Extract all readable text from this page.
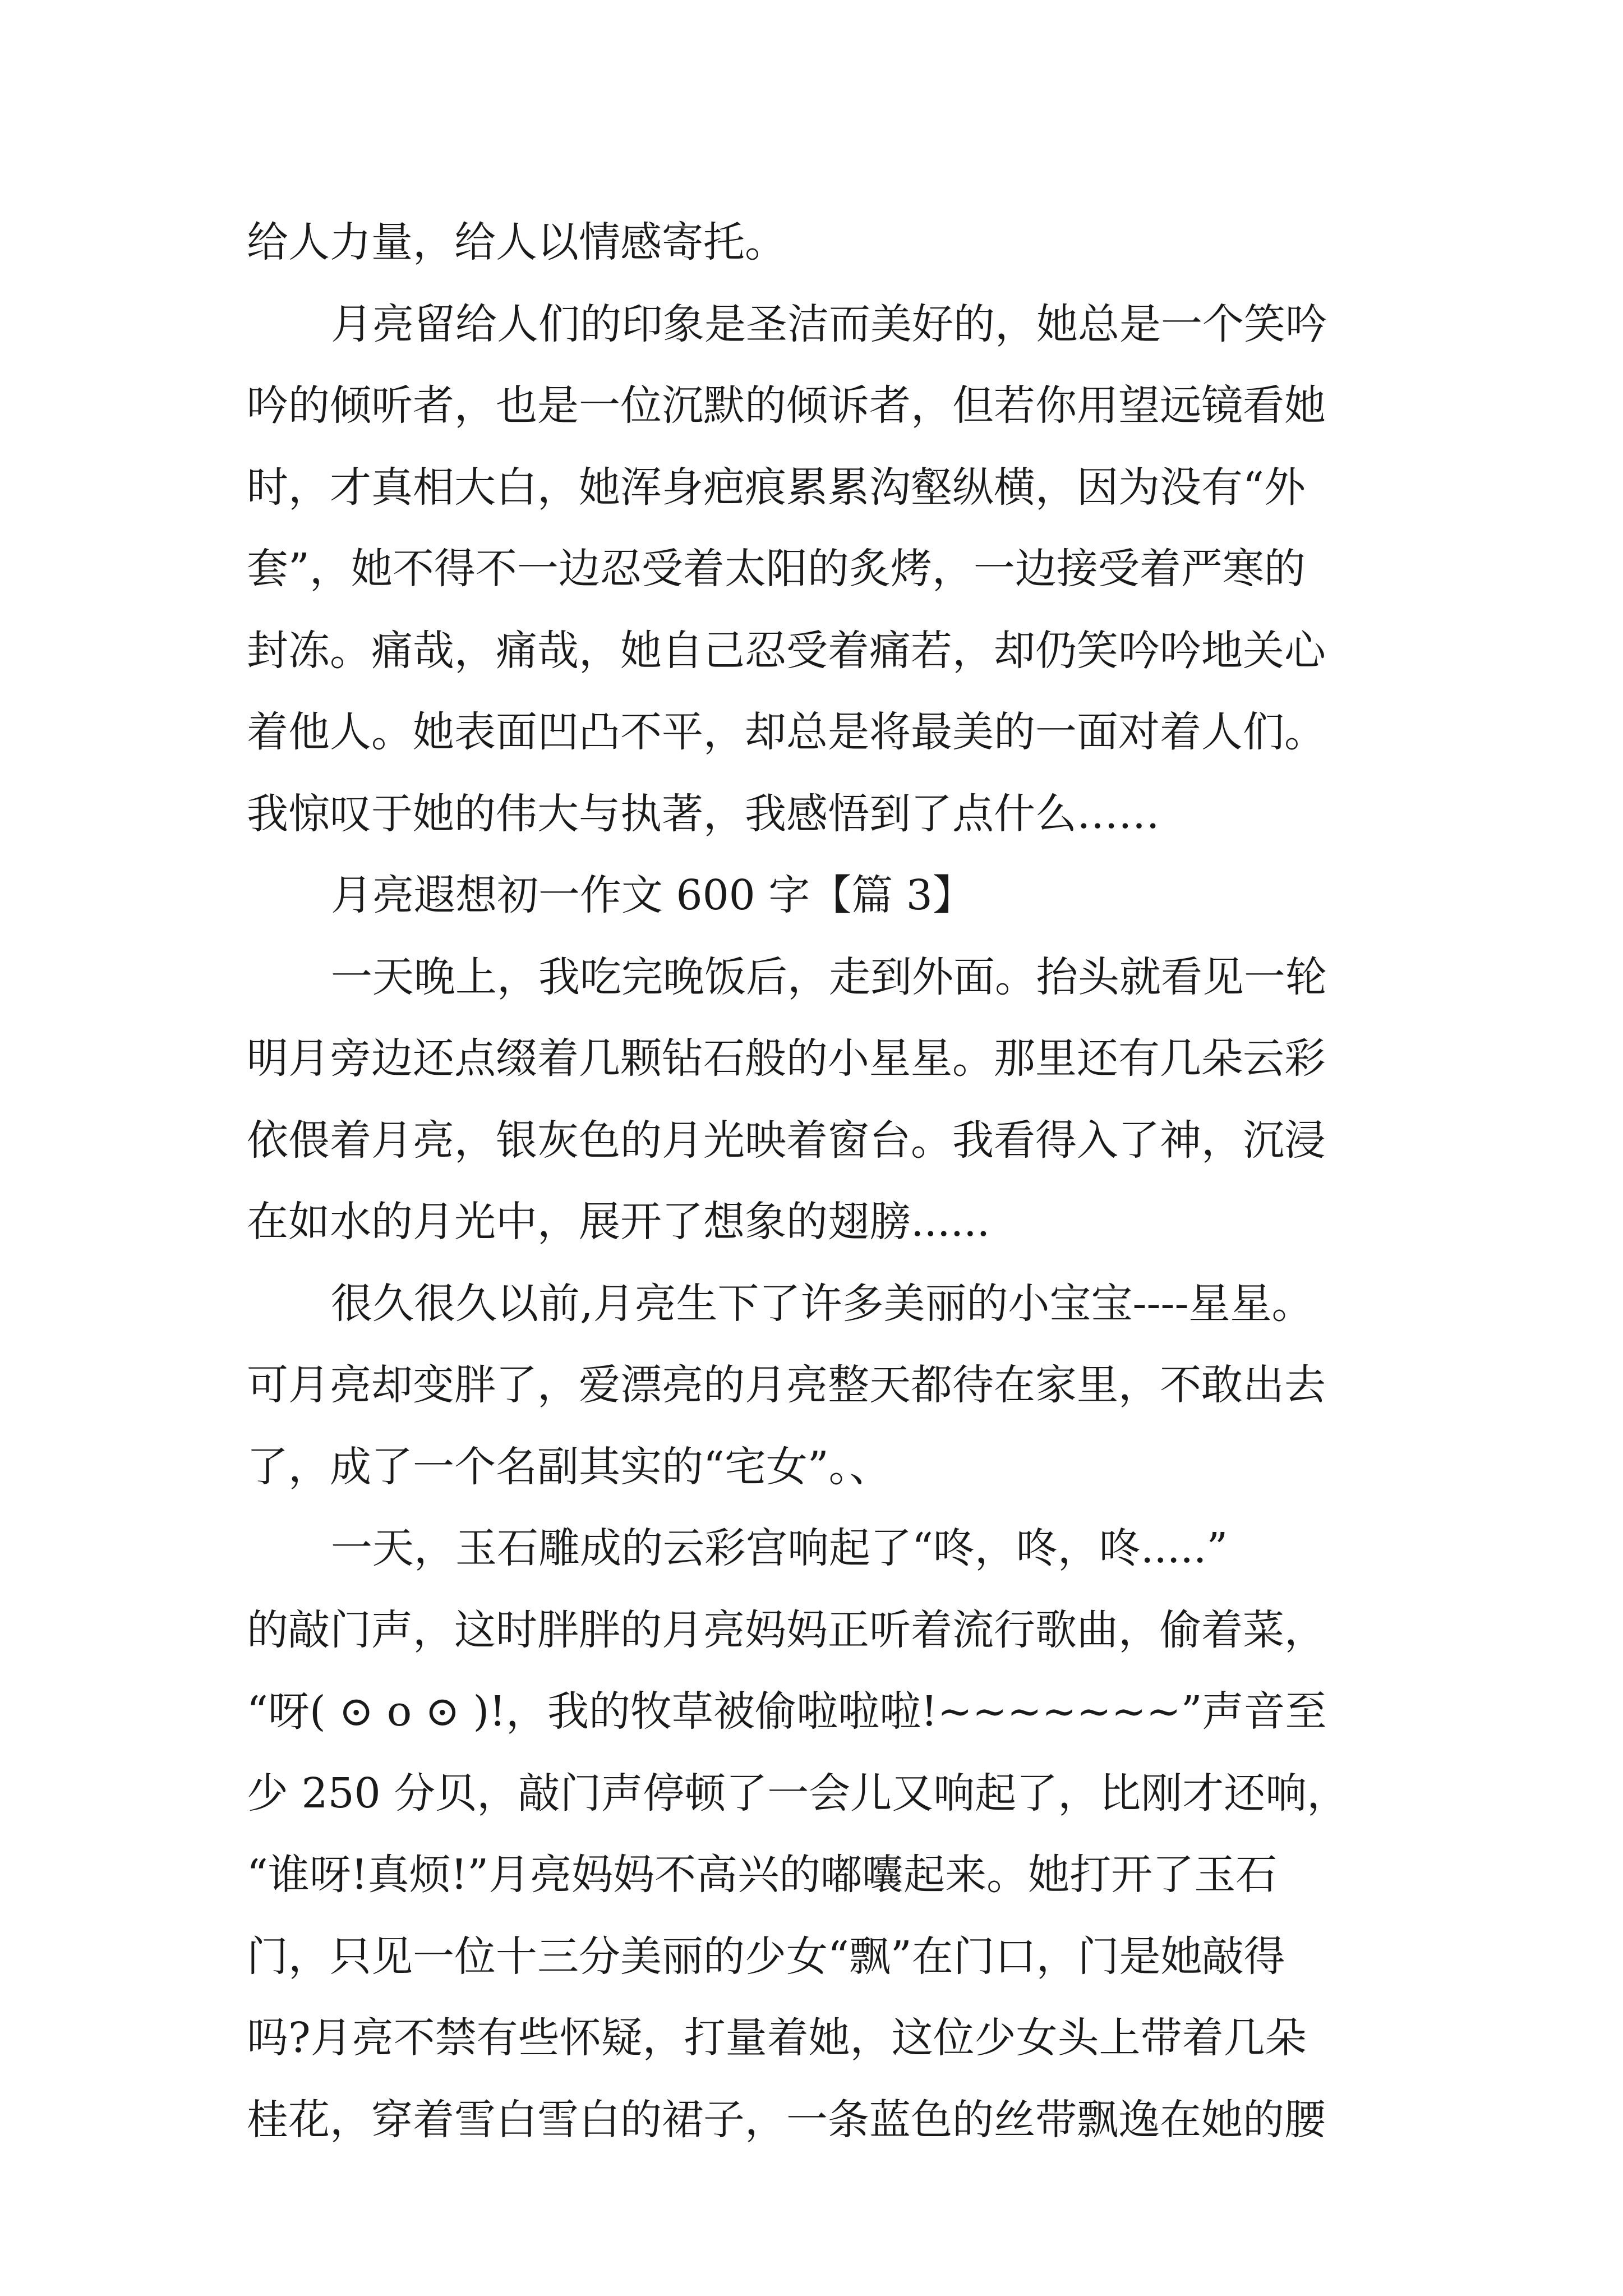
给人力量，给人以情感寄托。
月亮留给人们的印象是圣洁而美好的，她总是一个笑吟
吟的倾听者，也是一位沉默的倾诉者，但若你用望远镜看她
时，才真相大白，她浑身疤痕累累沟壑纵横，因为没有“外
套”，她不得不一边忍受着太阳的炙烤，一边接受着严寒的
封冻。痛哉，痛哉，她自己忍受着痛若，却仍笑吟吟地关心
着他人。她表面凹凸不平，却总是将最美的一面对着人们。
我惊叹于她的伟大与执著，我感悟到了点什么……
月亮遐想初一作文 600 字【篇 3】
一天晚上，我吃完晚饭后，走到外面。抬头就看见一轮
明月旁边还点缀着几颗钻石般的小星星。那里还有几朵云彩
依偎着月亮，银灰色的月光映着窗台。我看得入了神，沉浸
在如水的月光中，展开了想象的翅膀......
很久很久以前,月亮生下了许多美丽的小宝宝----星星。
可月亮却变胖了，爱漂亮的月亮整天都待在家里，不敢出去
了，成了一个名副其实的“宅女”。、
一天，玉石雕成的云彩宫响起了“咚，咚，咚.....”
的敲门声，这时胖胖的月亮妈妈正听着流行歌曲，偷着菜，
“呀( ⊙ o ⊙ )!，我的牧草被偷啦啦啦!~~~~~~~”声音至
少 250 分贝，敲门声停顿了一会儿又响起了，比刚才还响，
“谁呀!真烦!”月亮妈妈不高兴的嘟囔起来。她打开了玉石
门，只见一位十三分美丽的少女“飘”在门口，门是她敲得
吗?月亮不禁有些怀疑，打量着她，这位少女头上带着几朵
桂花，穿着雪白雪白的裙子，一条蓝色的丝带飘逸在她的腰
